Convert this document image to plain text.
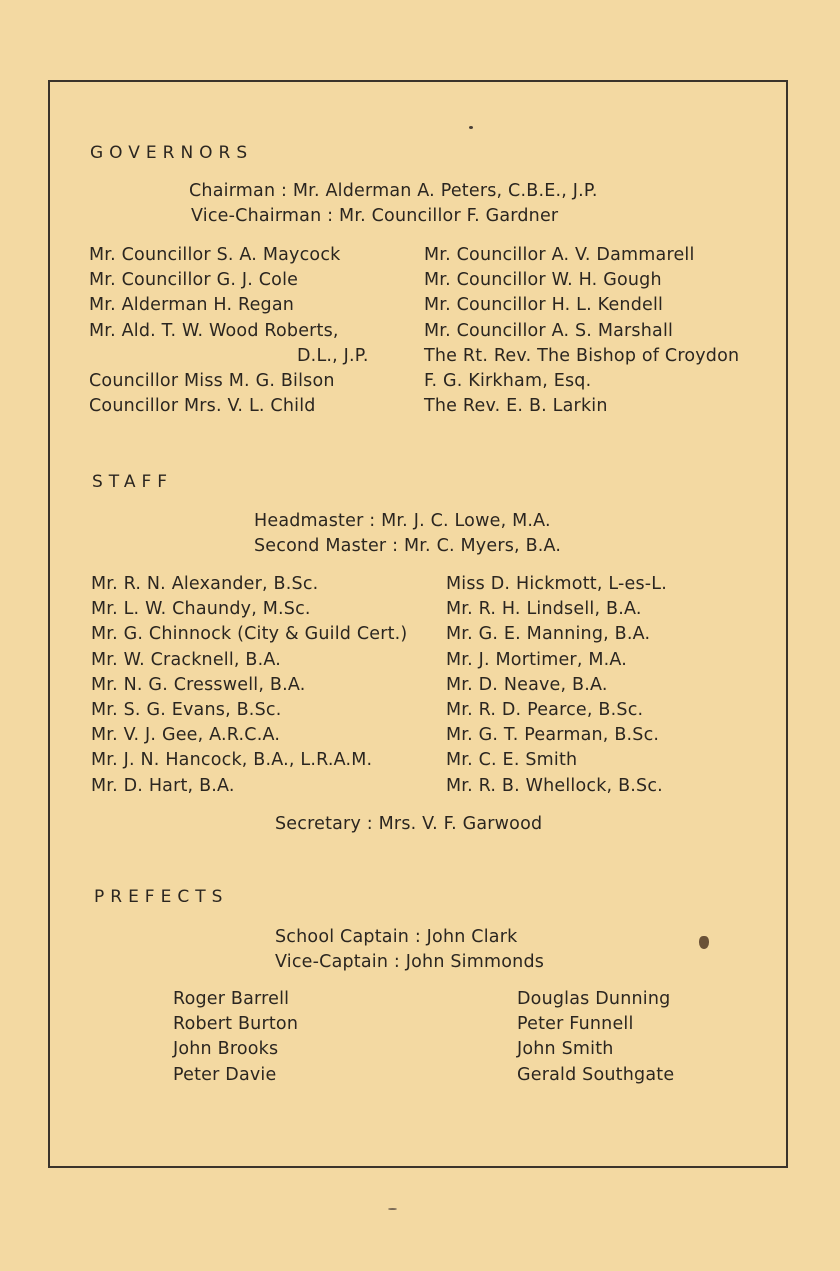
GOVERNORS
Chairman : Mr. Alderman A. Peters, C.B.E., J.P.
Vice-Chairman : Mr. Councillor F. Gardner
Mr. Councillor S. A. Maycock
Mr. Councillor G. J. Cole
Mr. Alderman H. Regan
Mr. Ald. T. W. Wood Roberts,
D.L., J.P.
Councillor Miss M. G. Bilson
Councillor Mrs. V. L. Child
Mr. Councillor A. V. Dammarell
Mr. Councillor W. H. Gough
Mr. Councillor H. L. Kendell
Mr. Councillor A. S. Marshall
The Rt. Rev. The Bishop of Croydon
F. G. Kirkham, Esq.
The Rev. E. B. Larkin
STAFF
Headmaster : Mr. J. C. Lowe, M.A.
Second Master : Mr. C. Myers, B.A.
Mr. R. N. Alexander, B.Sc.
Mr. L. W. Chaundy, M.Sc.
Mr. G. Chinnock (City & Guild Cert.)
Mr. W. Cracknell, B.A.
Mr. N. G. Cresswell, B.A.
Mr. S. G. Evans, B.Sc.
Mr. V. J. Gee, A.R.C.A.
Mr. J. N. Hancock, B.A., L.R.A.M.
Mr. D. Hart, B.A.
Miss D. Hickmott, L-es-L.
Mr. R. H. Lindsell, B.A.
Mr. G. E. Manning, B.A.
Mr. J. Mortimer, M.A.
Mr. D. Neave, B.A.
Mr. R. D. Pearce, B.Sc.
Mr. G. T. Pearman, B.Sc.
Mr. C. E. Smith
Mr. R. B. Whellock, B.Sc.
Secretary : Mrs. V. F. Garwood
PREFECTS
School Captain : John Clark
Vice-Captain : John Simmonds
Roger Barrell
Robert Burton
John Brooks
Peter Davie
Douglas Dunning
Peter Funnell
John Smith
Gerald Southgate
